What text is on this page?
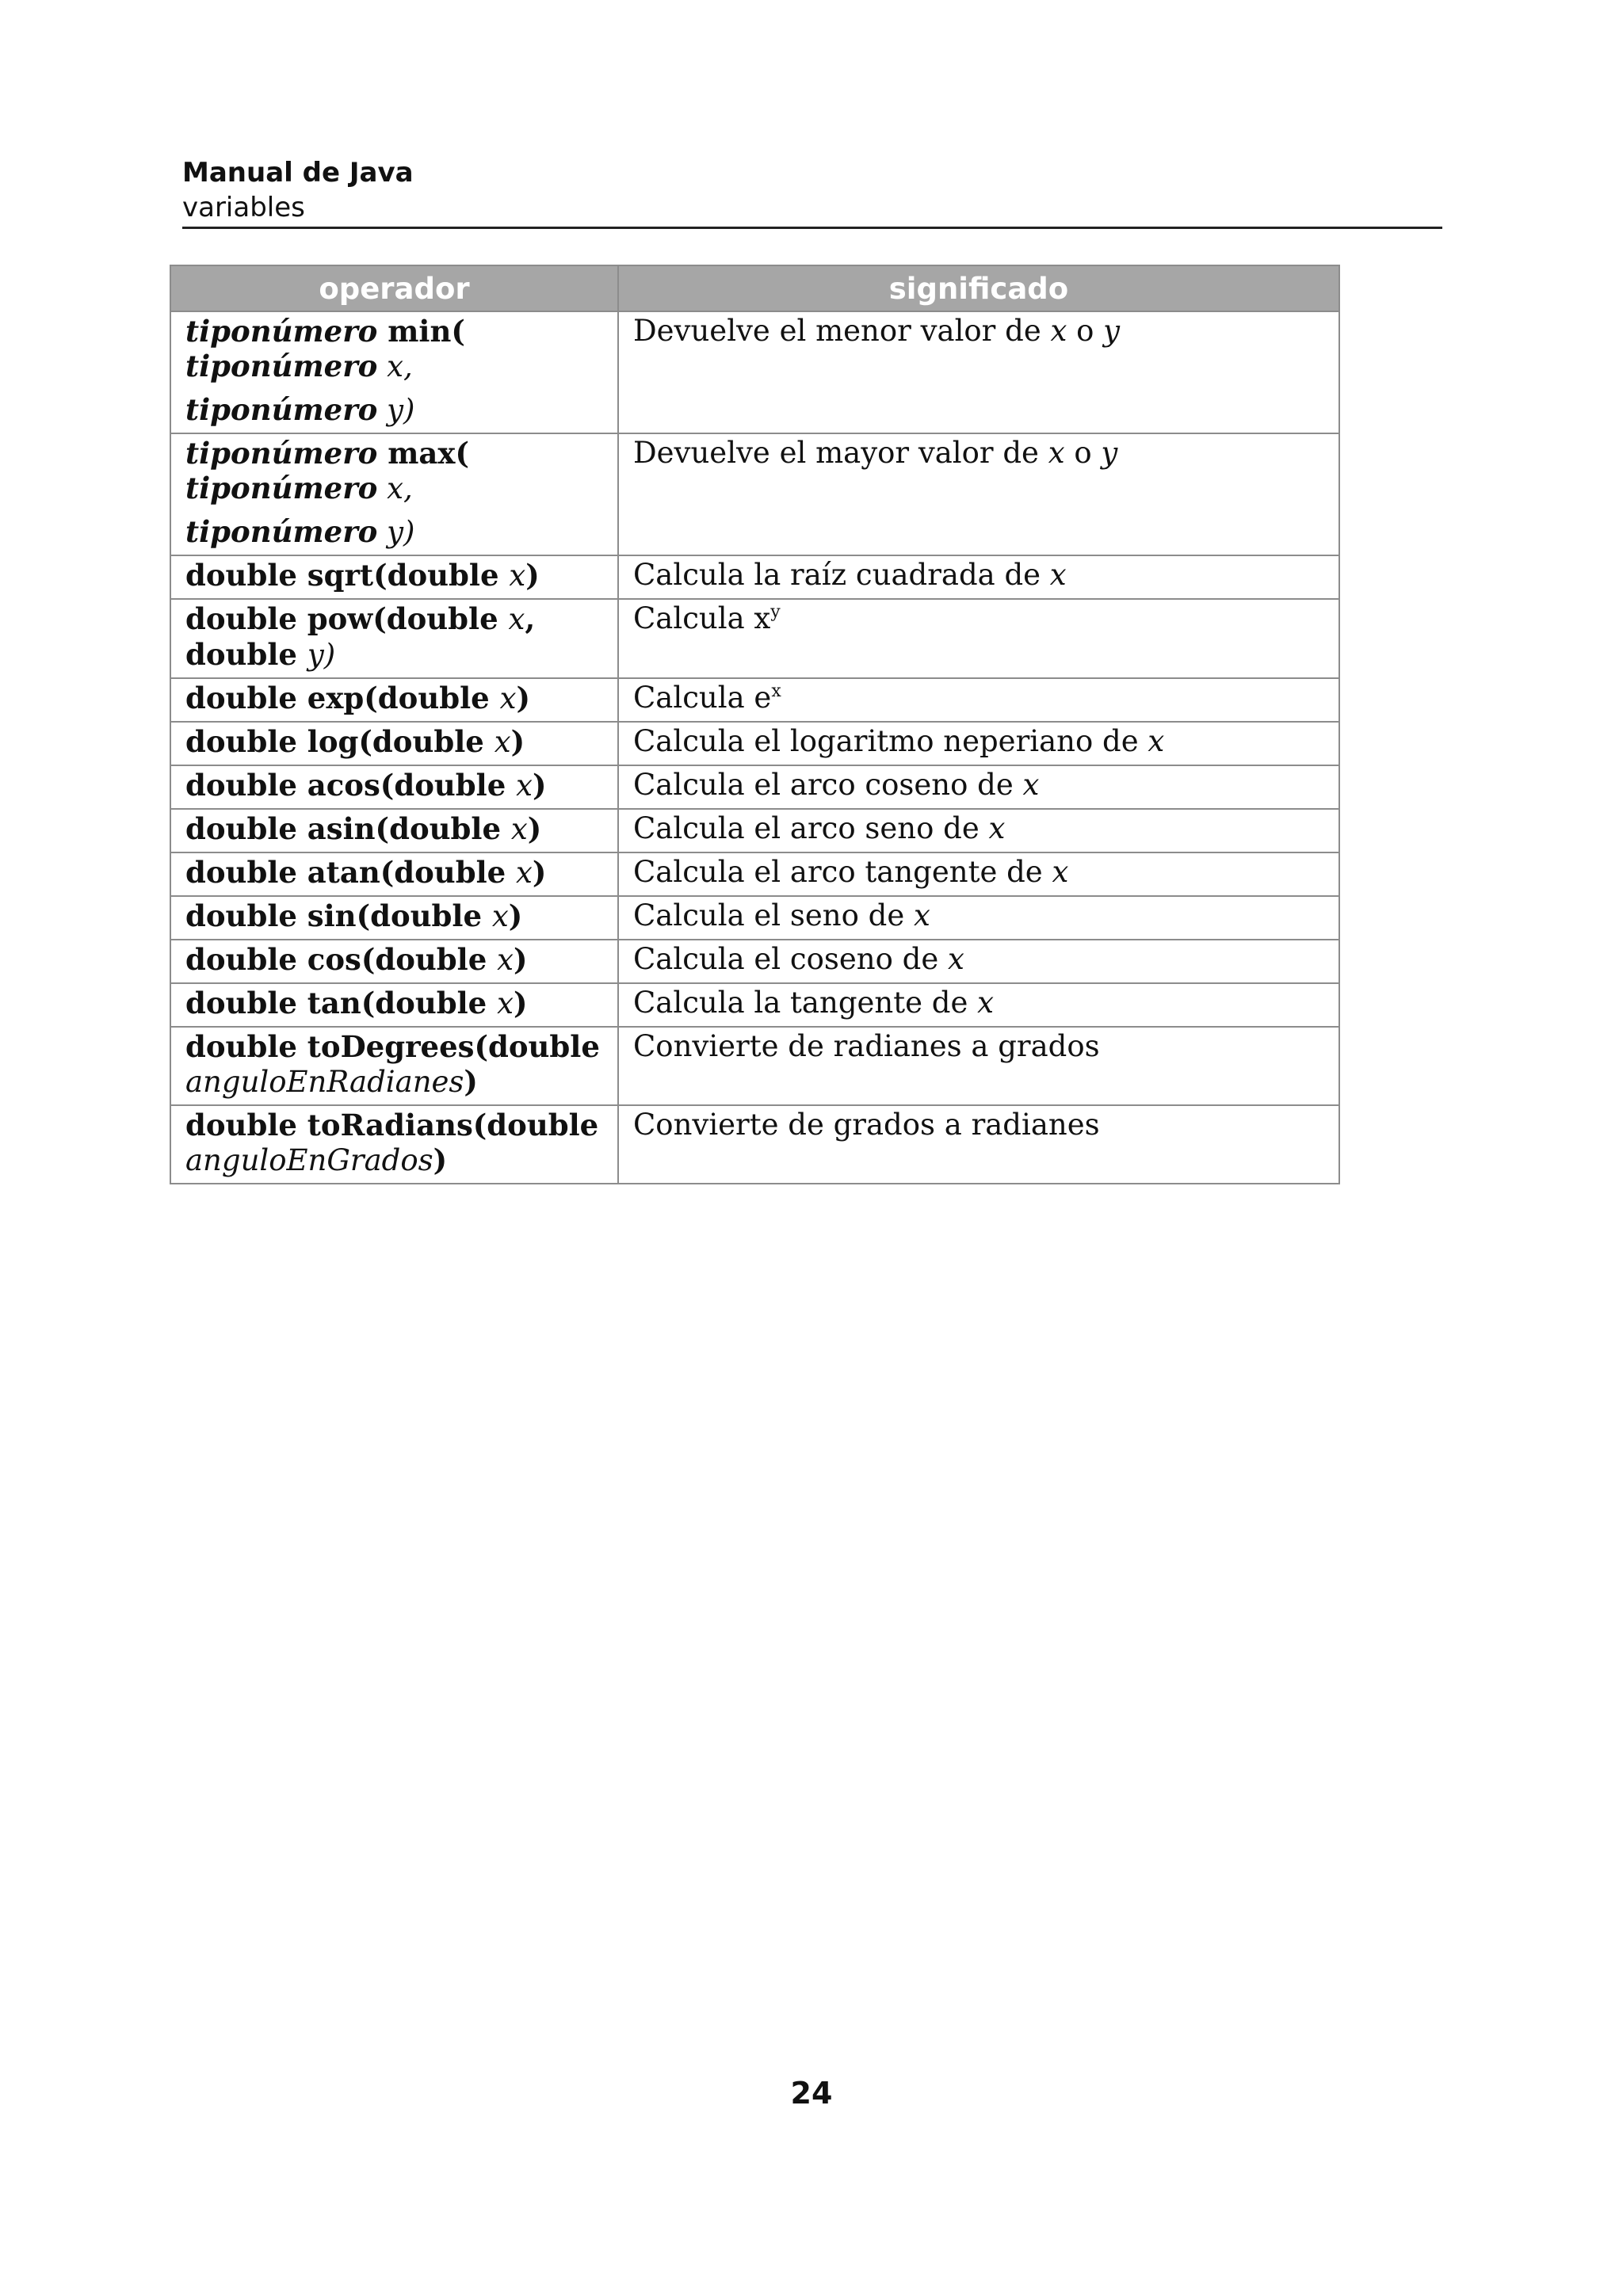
Manual de Java
variables
operador	significado

tiponúmero min(
tiponúmero x,
tiponúmero y)	Devuelve el menor valor de x o y

tiponúmero max(
tiponúmero x,
tiponúmero y)	Devuelve el mayor valor de x o y
double sqrt(double x)	Calcula la raíz cuadrada de x

double pow(double x,
double y)	Calcula $x^y$
double exp(double x)	Calcula $e^x$
double log(double x)	Calcula el logaritmo neperiano de x
double acos(double x)	Calcula el arco coseno de x
double asin(double x)	Calcula el arco seno de x
double atan(double x)	Calcula el arco tangente de x
double sin(double x)	Calcula el seno de x
double cos(double x)	Calcula el coseno de x
double tan(double x)	Calcula la tangente de x

double toDegrees(double
anguloEnRadianes)	Convierte de radianes a grados

double toRadians(double
anguloEnGrados)	Convierte de grados a radianes
24
